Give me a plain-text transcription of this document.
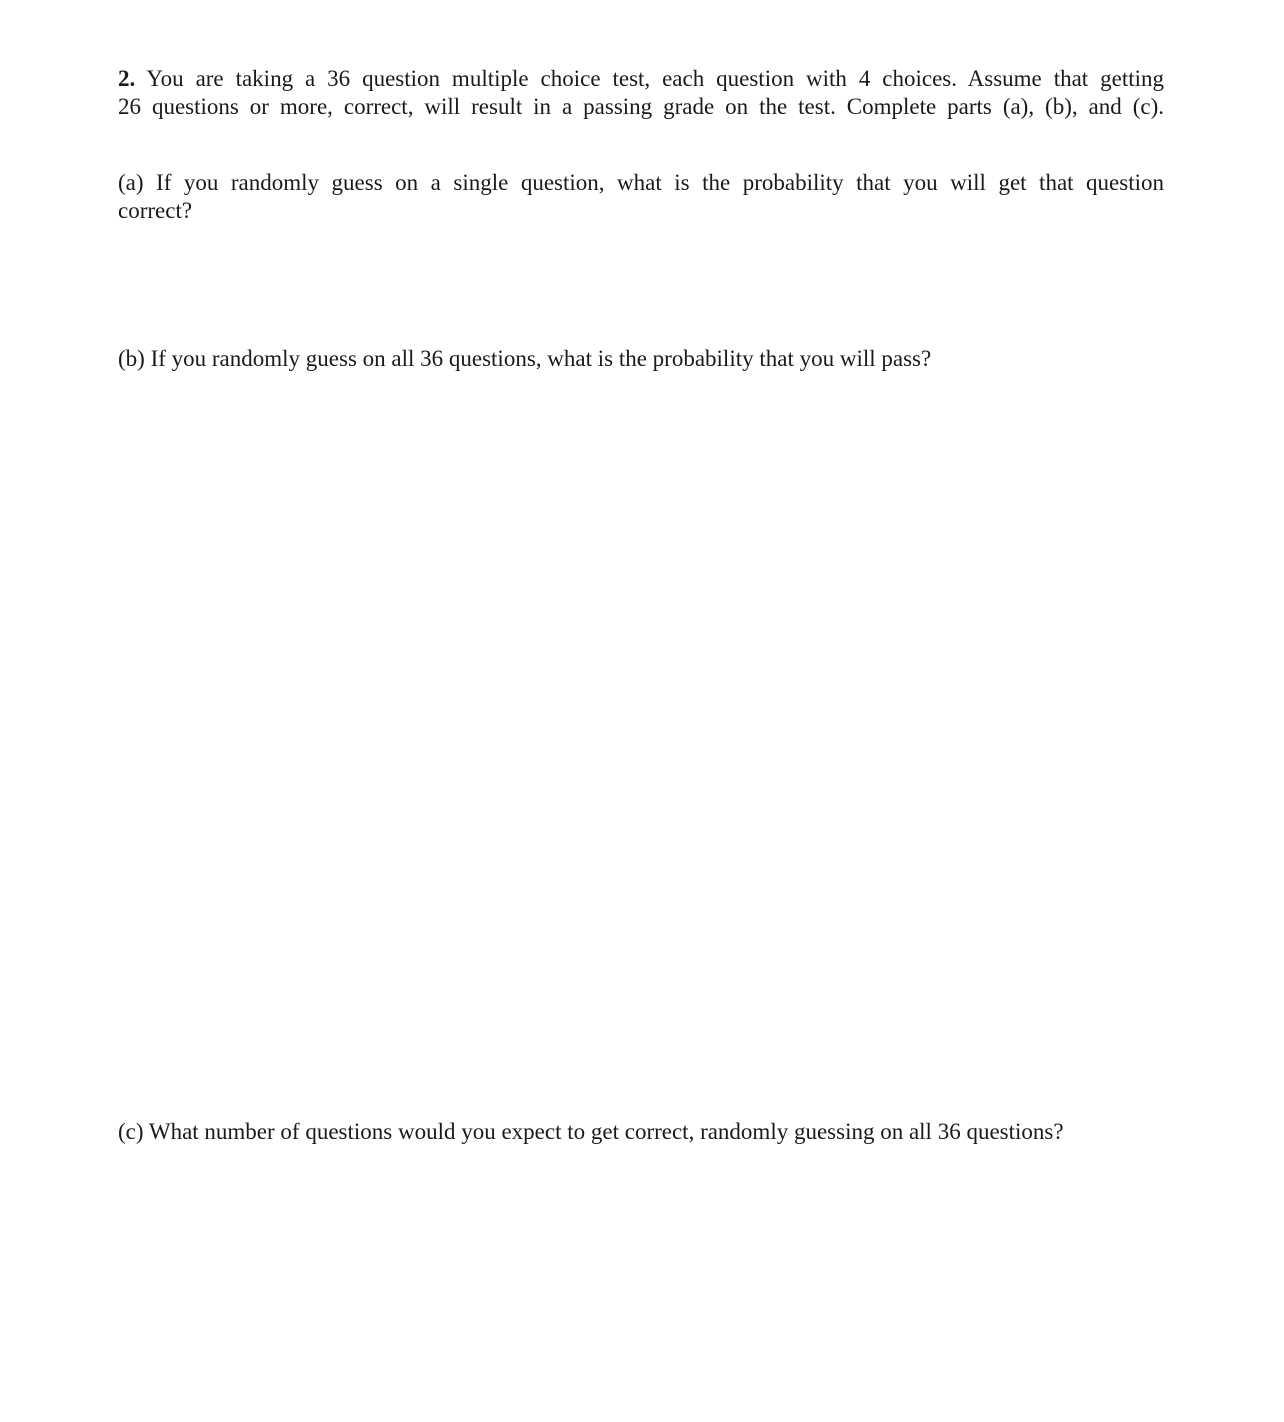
2. You are taking a 36 question multiple choice test, each question with 4 choices. Assume that getting
26 questions or more, correct, will result in a passing grade on the test. Complete parts (a), (b), and (c).
(a) If you randomly guess on a single question, what is the probability that you will get that question
correct?
(b) If you randomly guess on all 36 questions, what is the probability that you will pass?
(c) What number of questions would you expect to get correct, randomly guessing on all 36 questions?
